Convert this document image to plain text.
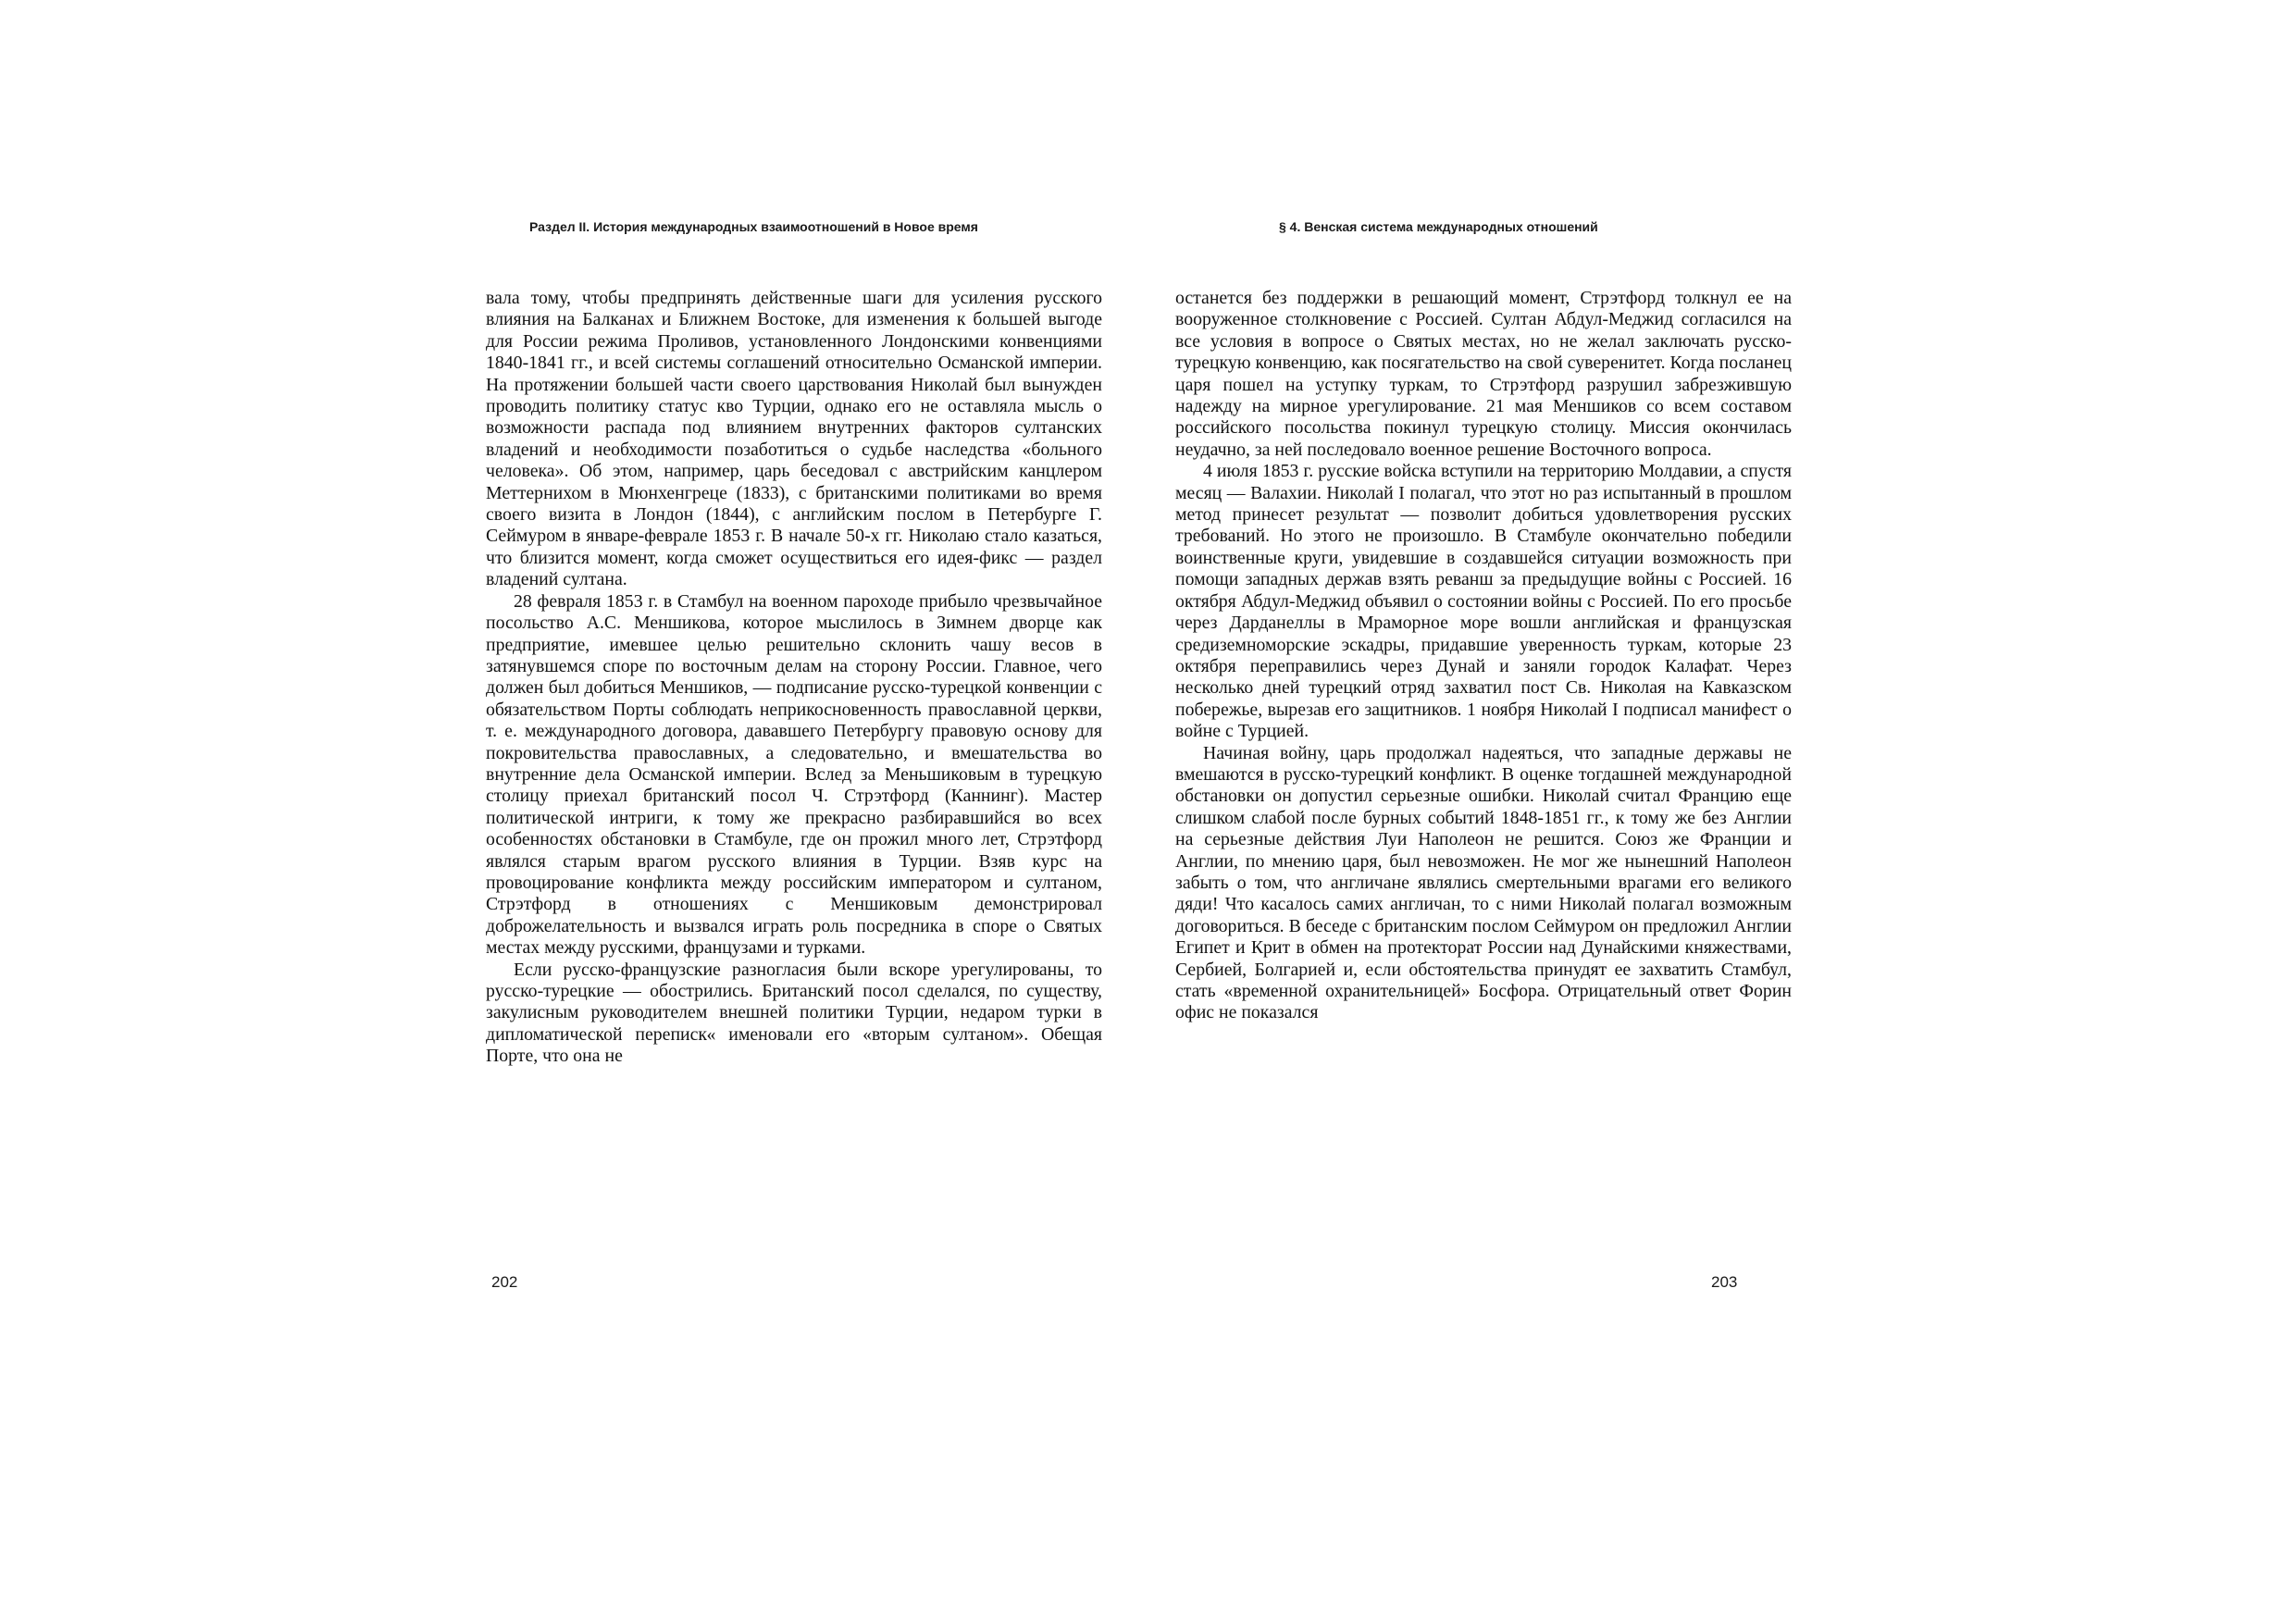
Раздел II. История международных взаимоотношений в Новое время

вала тому, чтобы предпринять действенные шаги для усиления русского влияния на Балканах и Ближнем Востоке, для изменения к большей выгоде для России режима Проливов, установленного Лондонскими конвенциями 1840-1841 гг., и всей системы соглашений относительно Османской империи. На протяжении большей части своего царствования Николай был вынужден проводить политику статус кво Турции, однако его не оставляла мысль о возможности распада под влиянием внутренних факторов султанских владений и необходимости позаботиться о судьбе наследства «больного человека». Об этом, например, царь беседовал с австрийским канцлером Меттернихом в Мюнхенгреце (1833), с британскими политиками во время своего визита в Лондон (1844), с английским послом в Петербурге Г. Сеймуром в январе-феврале 1853 г. В начале 50-х гг. Николаю стало казаться, что близится момент, когда сможет осуществиться его идея-фикс — раздел владений султана.

28 февраля 1853 г. в Стамбул на военном пароходе прибыло чрезвычайное посольство А.С. Меншикова, которое мыслилось в Зимнем дворце как предприятие, имевшее целью решительно склонить чашу весов в затянувшемся споре по восточным делам на сторону России. Главное, чего должен был добиться Меншиков, — подписание русско-турецкой конвенции с обязательством Порты соблюдать неприкосновенность православной церкви, т. е. международного договора, дававшего Петербургу правовую основу для покровительства православных, а следовательно, и вмешательства во внутренние дела Османской империи. Вслед за Меньшиковым в турецкую столицу приехал британский посол Ч. Стрэтфорд (Каннинг). Мастер политической интриги, к тому же прекрасно разбиравшийся во всех особенностях обстановки в Стамбуле, где он прожил много лет, Стрэтфорд являлся старым врагом русского влияния в Турции. Взяв курс на провоцирование конфликта между российским императором и султаном, Стрэтфорд в отношениях с Меншиковым демонстрировал доброжелательность и вызвался играть роль посредника в споре о Святых местах между русскими, французами и турками.

Если русско-французские разногласия были вскоре урегулированы, то русско-турецкие — обострились. Британский посол сделался, по существу, закулисным руководителем внешней политики Турции, недаром турки в дипломатической переписк« именовали его «вторым султаном». Обещая Порте, что она не

202
§ 4. Венская система международных отношений

останется без поддержки в решающий момент, Стрэтфорд толкнул ее на вооруженное столкновение с Россией. Султан Абдул-Меджид согласился на все условия в вопросе о Святых местах, но не желал заключать русско-турецкую конвенцию, как посягательство на свой суверенитет. Когда посланец царя пошел на уступку туркам, то Стрэтфорд разрушил забрезжившую надежду на мирное урегулирование. 21 мая Меншиков со всем составом российского посольства покинул турецкую столицу. Миссия окончилась неудачно, за ней последовало военное решение Восточного вопроса.

4 июля 1853 г. русские войска вступили на территорию Молдавии, а спустя месяц — Валахии. Николай I полагал, что этот но раз испытанный в прошлом метод принесет результат — позволит добиться удовлетворения русских требований. Но этого не произошло. В Стамбуле окончательно победили воинственные круги, увидевшие в создавшейся ситуации возможность при помощи западных держав взять реванш за предыдущие войны с Россией. 16 октября Абдул-Меджид объявил о состоянии войны с Россией. По его просьбе через Дарданеллы в Мраморное море вошли английская и французская средиземноморские эскадры, придавшие уверенность туркам, которые 23 октября переправились через Дунай и заняли городок Калафат. Через несколько дней турецкий отряд захватил пост Св. Николая на Кавказском побережье, вырезав его защитников. 1 ноября Николай I подписал манифест о войне с Турцией.

Начиная войну, царь продолжал надеяться, что западные державы не вмешаются в русско-турецкий конфликт. В оценке тогдашней международной обстановки он допустил серьезные ошибки. Николай считал Францию еще слишком слабой после бурных событий 1848-1851 гг., к тому же без Англии на серьезные действия Луи Наполеон не решится. Союз же Франции и Англии, по мнению царя, был невозможен. Не мог же нынешний Наполеон забыть о том, что англичане являлись смертельными врагами его великого дяди! Что касалось самих англичан, то с ними Николай полагал возможным договориться. В беседе с британским послом Сеймуром он предложил Англии Египет и Крит в обмен на протекторат России над Дунайскими княжествами, Сербией, Болгарией и, если обстоятельства принудят ее захватить Стамбул, стать «временной охранительницей» Босфора. Отрицательный ответ Форин офис не показался

203
